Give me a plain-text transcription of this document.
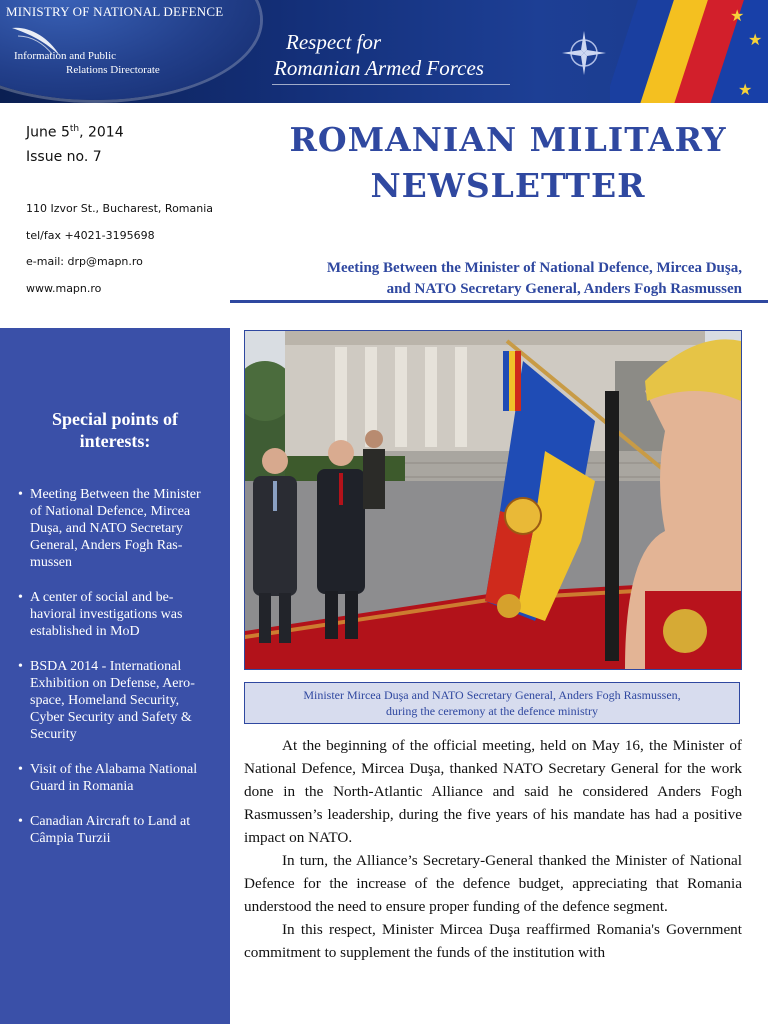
MINISTRY OF NATIONAL DEFENCE
Information and Public
Relations Directorate
Respect for
Romanian Armed Forces
★
★
★
June 5th, 2014
Issue no. 7
110 Izvor St., Bucharest, Romania
tel/fax +4021-3195698
e-mail: drp@mapn.ro
www.mapn.ro
ROMANIAN MILITARY
NEWSLETTER
Meeting Between the Minister of National Defence, Mircea Duşa,
and NATO Secretary General, Anders Fogh Rasmussen
Special points of
interests:
• Meeting Between the Minister of National Defence, Mircea Duşa, and NATO Secretary General, Anders Fogh Rasmussen
• A center of social and behavioral investigations was established in MoD
• BSDA 2014 - International Exhibition on Defense, Aerospace, Homeland Security, Cyber Security and Safety & Security
• Visit of the Alabama National Guard in Romania
• Canadian Aircraft to Land at Câmpia Turzii
Minister Mircea Duşa and NATO Secretary General, Anders Fogh Rasmussen,
during the ceremony at the defence ministry

At the beginning of the official meeting, held on May 16, the Minister of National Defence, Mircea Duşa, thanked NATO Secretary General for the work done in the North-Atlantic Alliance and said he considered Anders Fogh Rasmussen’s leadership, during the five years of his mandate has had a positive impact on NATO.

In turn, the Alliance’s Secretary-General thanked the Minister of National Defence for the increase of the defence budget, appreciating that Romania understood the need to ensure proper funding of the defence segment.

In this respect, Minister Mircea Duşa reaffirmed Romania's Government commitment to supplement the funds of the institution with
